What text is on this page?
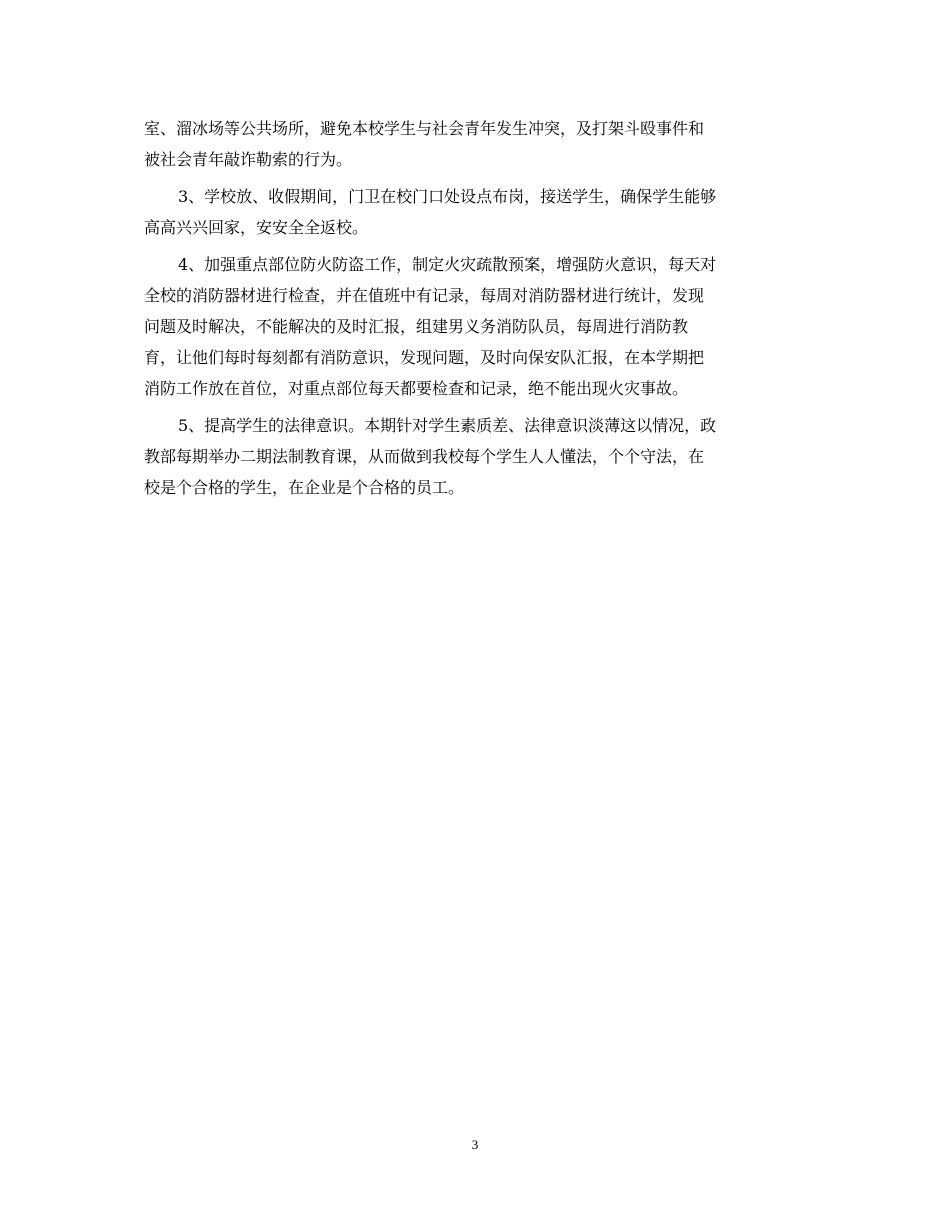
室、溜冰场等公共场所，避免本校学生与社会青年发生冲突，及打架斗殴事件和
被社会青年敲诈勒索的行为。
3、学校放、收假期间，门卫在校门口处设点布岗，接送学生，确保学生能够
高高兴兴回家，安安全全返校。
4、加强重点部位防火防盗工作，制定火灾疏散预案，增强防火意识，每天对
全校的消防器材进行检查，并在值班中有记录，每周对消防器材进行统计，发现
问题及时解决，不能解决的及时汇报，组建男义务消防队员，每周进行消防教
育，让他们每时每刻都有消防意识，发现问题，及时向保安队汇报，在本学期把
消防工作放在首位，对重点部位每天都要检查和记录，绝不能出现火灾事故。
5、提高学生的法律意识。本期针对学生素质差、法律意识淡薄这以情况，政
教部每期举办二期法制教育课，从而做到我校每个学生人人懂法，个个守法，在
校是个合格的学生，在企业是个合格的员工。
3
